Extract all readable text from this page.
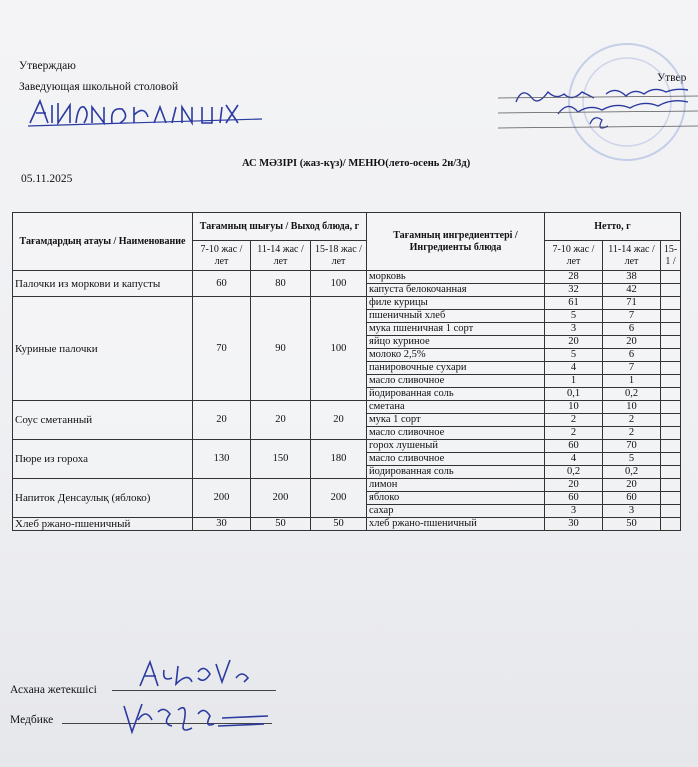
Утверждаю
Заведующая школьной столовой
Утвер
АС МӘЗІРІ (жаз-күз)/ МЕНЮ(лето-осень 2н/3д)
05.11.2025
Тағамдардың атауы / Наименование	Тағамның шығуы / Выход блюда, г			Тағамның ингредиенттері / Ингредиенты блюда	Нетто, г		
	7-10 жас / лет	11-14 жас / лет	15-18 жас / лет		7-10 жас / лет	11-14 жас / лет	15-1 /
Палочки из моркови и капусты	60	80	100	морковь	28	38	
				капуста белокочанная	32	42	
Куриные палочки	70	90	100	филе курицы	61	71	
				пшеничный хлеб	5	7	
				мука пшеничная 1 сорт	3	6	
				яйцо куриное	20	20	
				молоко 2,5%	5	6	
				панировочные сухари	4	7	
				масло сливочное	1	1	
				йодированная соль	0,1	0,2	
Соус сметанный	20	20	20	сметана	10	10	
				мука 1 сорт	2	2	
				масло сливочное	2	2	
Пюре из гороха	130	150	180	горох лушеный	60	70	
				масло сливочное	4	5	
				йодированная соль	0,2	0,2	
Напиток Денсаулық (яблоко)	200	200	200	лимон	20	20	
				яблоко	60	60	
				сахар	3	3	
Хлеб ржано-пшеничный	30	50	50	хлеб ржано-пшеничный	30	50	
Асхана жетекшісі
Медбике
